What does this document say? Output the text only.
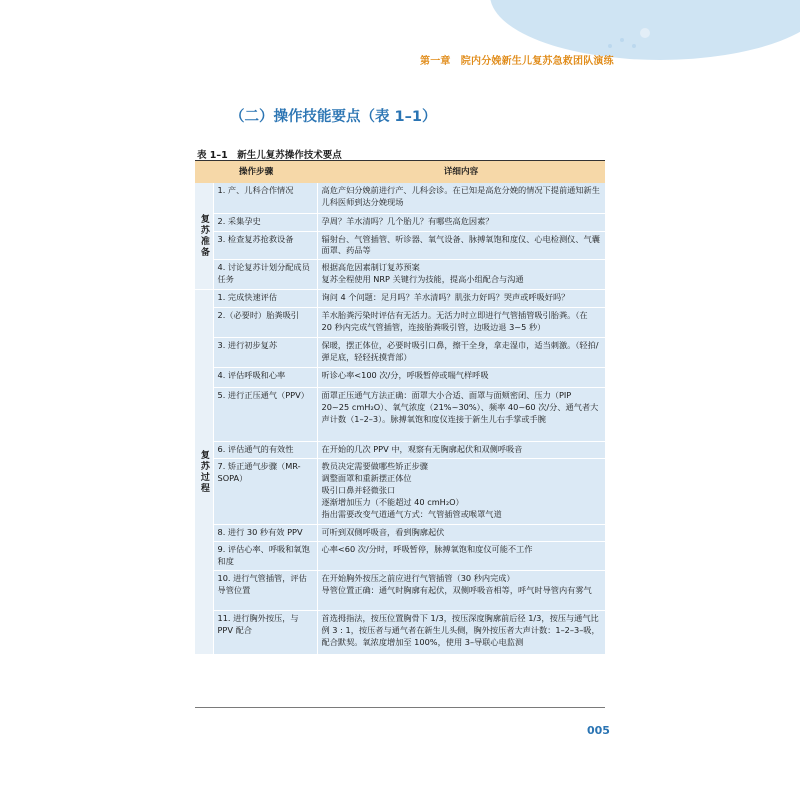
第一章　院内分娩新生儿复苏急救团队演练
（二）操作技能要点（表 1–1）
表 1–1　新生儿复苏操作技术要点
操作步骤		详细内容
复苏准备	1. 产、儿科合作情况	高危产妇分娩前进行产、儿科会诊。在已知是高危分娩的情况下提前通知新生儿科医师到达分娩现场
	2. 采集孕史	孕周？羊水清吗？几个胎儿？有哪些高危因素？
	3. 检查复苏抢救设备	辐射台、气管插管、听诊器、氧气设备、脉搏氧饱和度仪、心电检测仪、气囊面罩、药品等
	4. 讨论复苏计划分配成员任务	根据高危因素制订复苏预案
复苏全程使用 NRP 关键行为技能，提高小组配合与沟通
复苏过程	1. 完成快速评估	询问 4 个问题：足月吗？羊水清吗？肌张力好吗？哭声或呼吸好吗？
	2.（必要时）胎粪吸引	羊水胎粪污染时评估有无活力。无活力时立即进行气管插管吸引胎粪。（在 20 秒内完成气管插管，连接胎粪吸引管，边吸边退 3~5 秒）
	3. 进行初步复苏	保暖，摆正体位，必要时吸引口鼻，擦干全身，拿走湿巾，适当刺激。（轻拍/弹足底，轻轻抚摸背部）
	4. 评估呼吸和心率	听诊心率<100 次/分，呼吸暂停或喘气样呼吸
	5. 进行正压通气（PPV）	面罩正压通气方法正确：面罩大小合适、面罩与面颊密闭、压力（PIP 20~25 cmH₂O）、氧气浓度（21%~30%）、频率 40~60 次/分、通气者大声计数（1–2–3）。脉搏氧饱和度仪连接于新生儿右手掌或手腕
	6. 评估通气的有效性	在开始的几次 PPV 中，观察有无胸廓起伏和双侧呼吸音
	7. 矫正通气步骤（MR-SOPA）	教员决定需要做哪些矫正步骤
调整面罩和重新摆正体位
吸引口鼻并轻微张口
逐渐增加压力（不能超过 40 cmH₂O）
指出需要改变气道通气方式：气管插管或喉罩气道
	8. 进行 30 秒有效 PPV	可听到双侧呼吸音，看到胸廓起伏
	9. 评估心率、呼吸和氧饱和度	心率<60 次/分时，呼吸暂停，脉搏氧饱和度仪可能不工作
	10. 进行气管插管，评估导管位置	在开始胸外按压之前应进行气管插管（30 秒内完成）
导管位置正确：通气时胸廓有起伏，双侧呼吸音相等，呼气时导管内有雾气
	11. 进行胸外按压，与 PPV 配合	首选拇指法，按压位置胸骨下 1/3，按压深度胸廓前后径 1/3，按压与通气比例 3 : 1，按压者与通气者在新生儿头侧，胸外按压者大声计数：1–2–3–吸，配合默契。氧浓度增加至 100%，使用 3–导联心电监测
005
